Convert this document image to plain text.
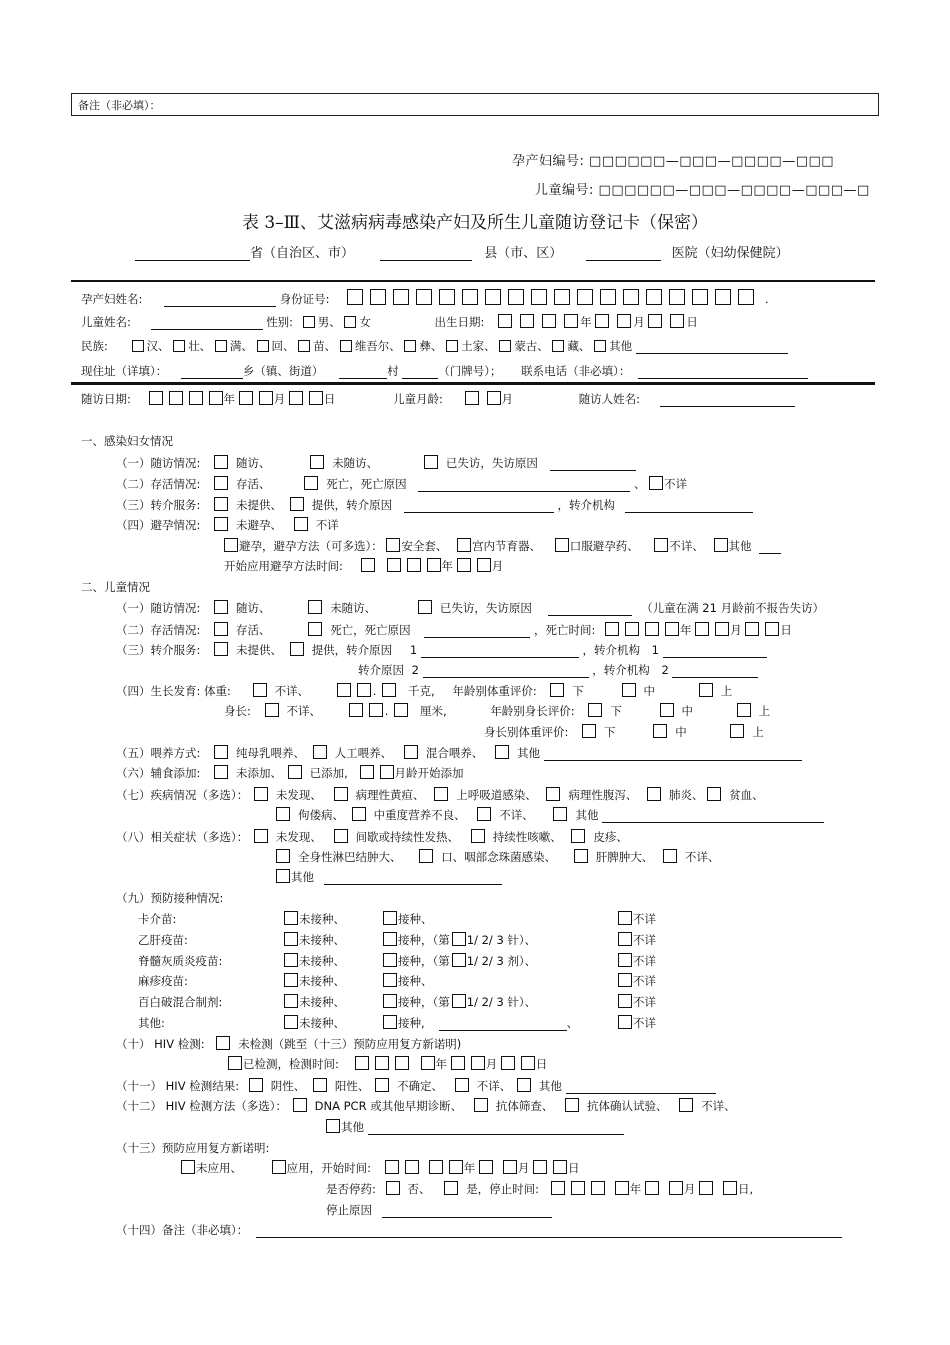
备注（非必填）：
孕产妇编号: □□□□□□—□□□—□□□□—□□□
儿童编号: □□□□□□—□□□—□□□□—□□□—□
表 3–Ⅲ、艾滋病病毒感染产妇及所生儿童随访登记卡（保密）
省（自治区、市）	县（市、区）	医院（妇幼保健院）
孕产妇姓名:	身份证号:	.
儿童姓名:	性别: 男、 女	出生日期:	年	月	日
民族:	汉、 壮、 满、 回、 苗、 维吾尔、 彝、 土家、 蒙古、 藏、 其他
现住址（详填）：	乡（镇、街道）	村	（门牌号）； 联系电话（非必填）：
随访日期:	年	月	日	儿童月龄:	月	随访人姓名:
一、感染妇女情况
（一）随访情况:	随访、	未随访、	已失访，失访原因
（二）存活情况:	存活、	死亡，死亡原因	、 不详
（三）转介服务:	未提供、	提供，转介原因	，转介机构
（四）避孕情况:	未避孕、	不详
避孕，避孕方法（可多选）： 安全套、 宫内节育器、 口服避孕药、	不详、 其他
开始应用避孕方法时间:	年	月
二、儿童情况
（一）随访情况:	随访、	未随访、	已失访，失访原因	（儿童在满 21 月龄前不报告失访）
（二）存活情况:	存活、	死亡，死亡原因	，死亡时间:	年	月	日
（三）转介服务:	未提供、	提供，转介原因 1	，转介机构 1
转介原因 2	，转介机构 2
（四）生长发育: 体重:	不详、	.	千克, 年龄别体重评价:	下	中	上
身长:	不详、	.	厘米,	年龄别身长评价:	下	中	上
身长别体重评价:	下	中	上
（五）喂养方式:	纯母乳喂养、	人工喂养、	混合喂养、	其他
（六）辅食添加:	未添加、 已添加,	月龄开始添加
（七）疾病情况（多选）： 未发现、	病理性黄疸、	上呼吸道感染、	病理性腹泻、	肺炎、 贫血、
佝偻病、	中重度营养不良、	不详、	其他
（八）相关症状（多选）： 未发现、	间歇或持续性发热、	持续性咳嗽、	皮疹、
全身性淋巴结肿大、	口、咽部念珠菌感染、	肝脾肿大、	不详、
其他
（九）预防接种情况:
卡介苗:	未接种、	接种、	不详
乙肝疫苗:	未接种、	接种，（第 1/ 2/ 3 针）、	不详
脊髓灰质炎疫苗:	未接种、	接种，（第 1/ 2/ 3 剂）、	不详
麻疹疫苗:	未接种、	接种、	不详
百白破混合制剂:	未接种、	接种，（第 1/ 2/ 3 针）、	不详
其他:	未接种、	接种,	、	不详
（十） HIV 检测:	未检测（跳至（十三）预防应用复方新诺明)
已检测，检测时间:	年	月	日
（十一） HIV 检测结果:	阴性、	阳性、 不确定、	不详、 其他
（十二） HIV 检测方法（多选）： DNA PCR 或其他早期诊断、	抗体筛查、	抗体确认试验、	不详、
其他
（十三）预防应用复方新诺明:
未应用、	应用，开始时间:	年	月	日
是否停药:	否、	是，停止时间:	年	月	日,
停止原因
（十四）备注（非必填）：
